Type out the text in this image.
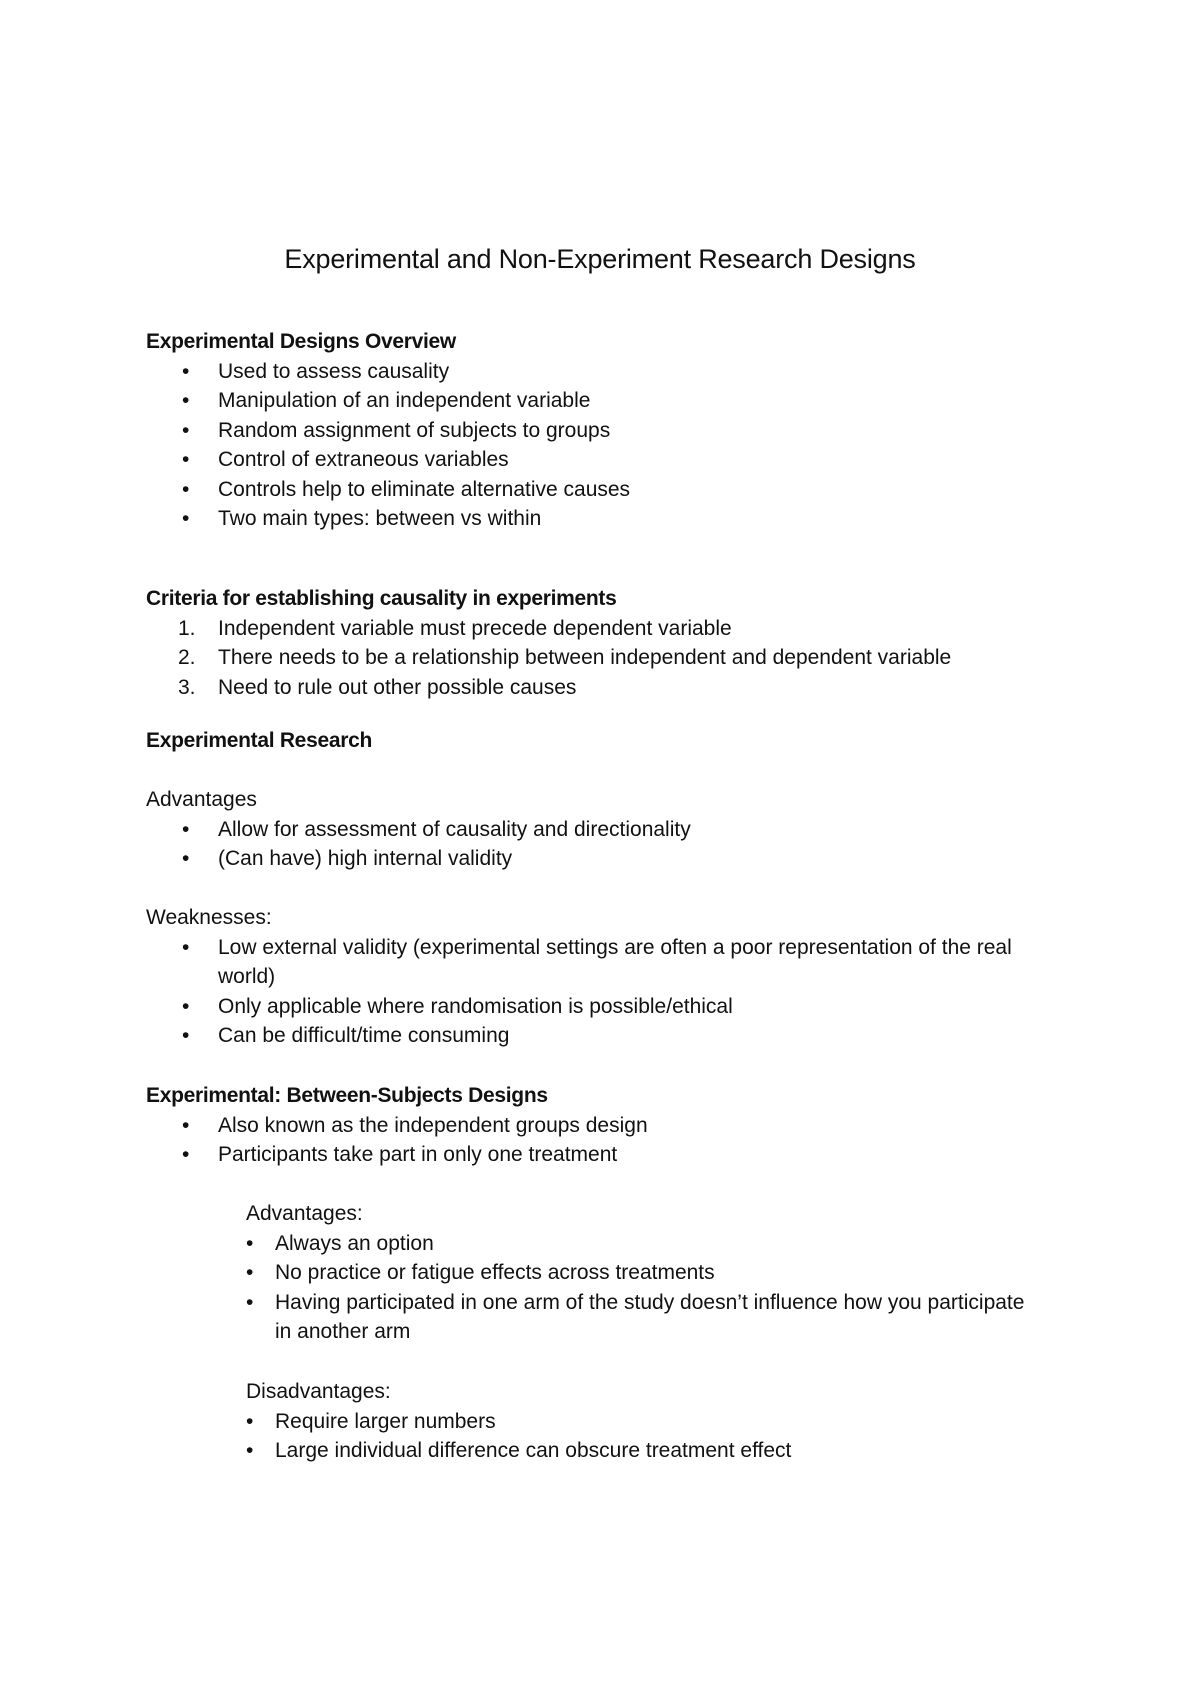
Experimental and Non-Experiment Research Designs
Experimental Designs Overview
• Used to assess causality
• Manipulation of an independent variable
• Random assignment of subjects to groups
• Control of extraneous variables
• Controls help to eliminate alternative causes
• Two main types: between vs within
Criteria for establishing causality in experiments
1. Independent variable must precede dependent variable
2. There needs to be a relationship between independent and dependent variable
3. Need to rule out other possible causes
Experimental Research
Advantages
• Allow for assessment of causality and directionality
• (Can have) high internal validity
Weaknesses:
• Low external validity (experimental settings are often a poor representation of the real world)
• Only applicable where randomisation is possible/ethical
• Can be difficult/time consuming
Experimental: Between-Subjects Designs
• Also known as the independent groups design
• Participants take part in only one treatment
Advantages:
• Always an option
• No practice or fatigue effects across treatments
• Having participated in one arm of the study doesn’t influence how you participate in another arm
Disadvantages:
• Require larger numbers
• Large individual difference can obscure treatment effect
